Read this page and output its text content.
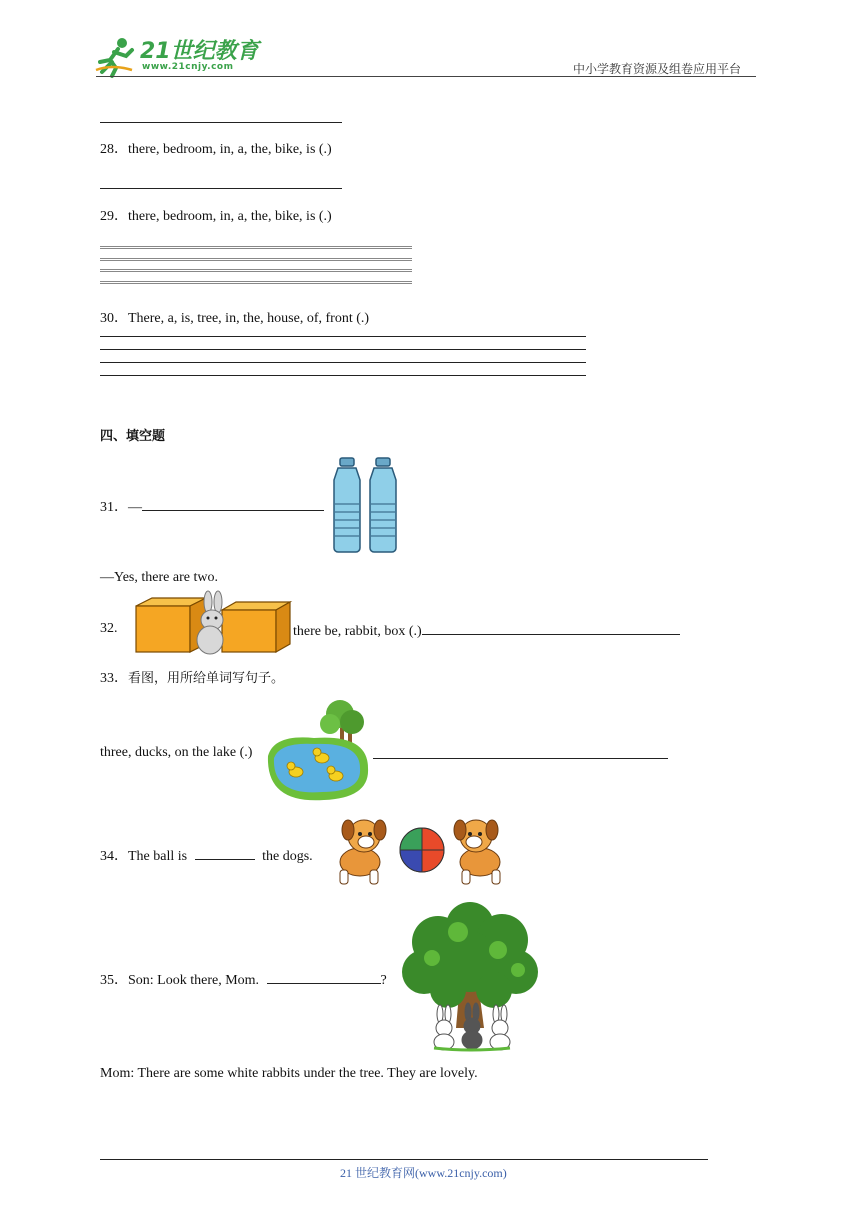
21世纪教育
www.21cnjy.com	中小学教育资源及组卷应用平台
28．there, bedroom, in, a, the, bike, is (.)
29．there, bedroom, in, a, the, bike, is (.)
30．There, a, is, tree, in, the, house, of, front (.)
四、填空题
31．—
—Yes, there are two.
32.	there be, rabbit, box (.)
33．看图，用所给单词写句子。
three, ducks, on the lake (.)
34．The ball is	the dogs.
35．Son: Look there, Mom.	?
Mom: There are some white rabbits under the tree. They are lovely.
21 世纪教育网(www.21cnjy.com)
